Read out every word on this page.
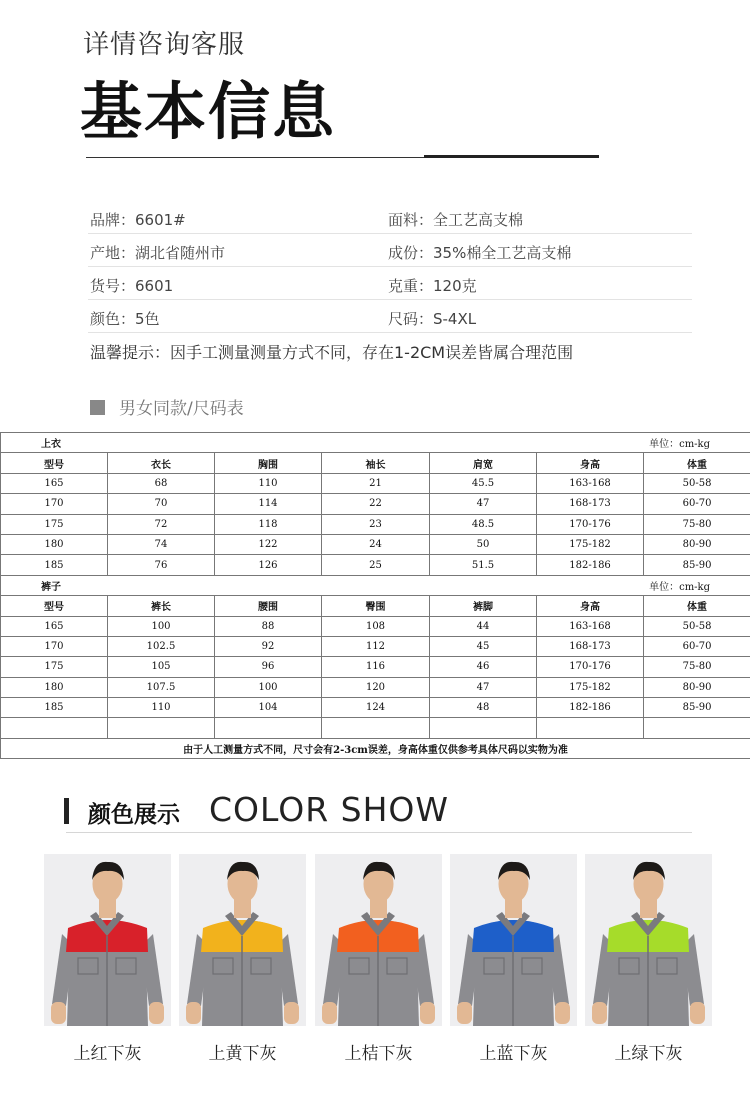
详情咨询客服
基本信息
品牌：6601#	面料：全工艺高支棉
产地：湖北省随州市	成份：35%棉全工艺高支棉
货号：6601	克重：120克
颜色：5色	尺码：S-4XL
温馨提示：因手工测量测量方式不同，存在1-2CM误差皆属合理范围
男女同款/尺码表
上衣						单位：cm-kg
型号	衣长	胸围	袖长	肩宽	身高	体重
165	68	110	21	45.5	163-168	50-58
170	70	114	22	47	168-173	60-70
175	72	118	23	48.5	170-176	75-80
180	74	122	24	50	175-182	80-90
185	76	126	25	51.5	182-186	85-90
裤子						单位：cm-kg
型号	裤长	腰围	臀围	裤脚	身高	体重
165	100	88	108	44	163-168	50-58
170	102.5	92	112	45	168-173	60-70
175	105	96	116	46	170-176	75-80
180	107.5	100	120	47	175-182	80-90
185	110	104	124	48	182-186	85-90

由于人工测量方式不同，尺寸会有2-3cm误差，身高体重仅供参考具体尺码以实物为准						
颜色展示 COLOR SHOW
上红下灰	上黄下灰	上桔下灰	上蓝下灰	上绿下灰
